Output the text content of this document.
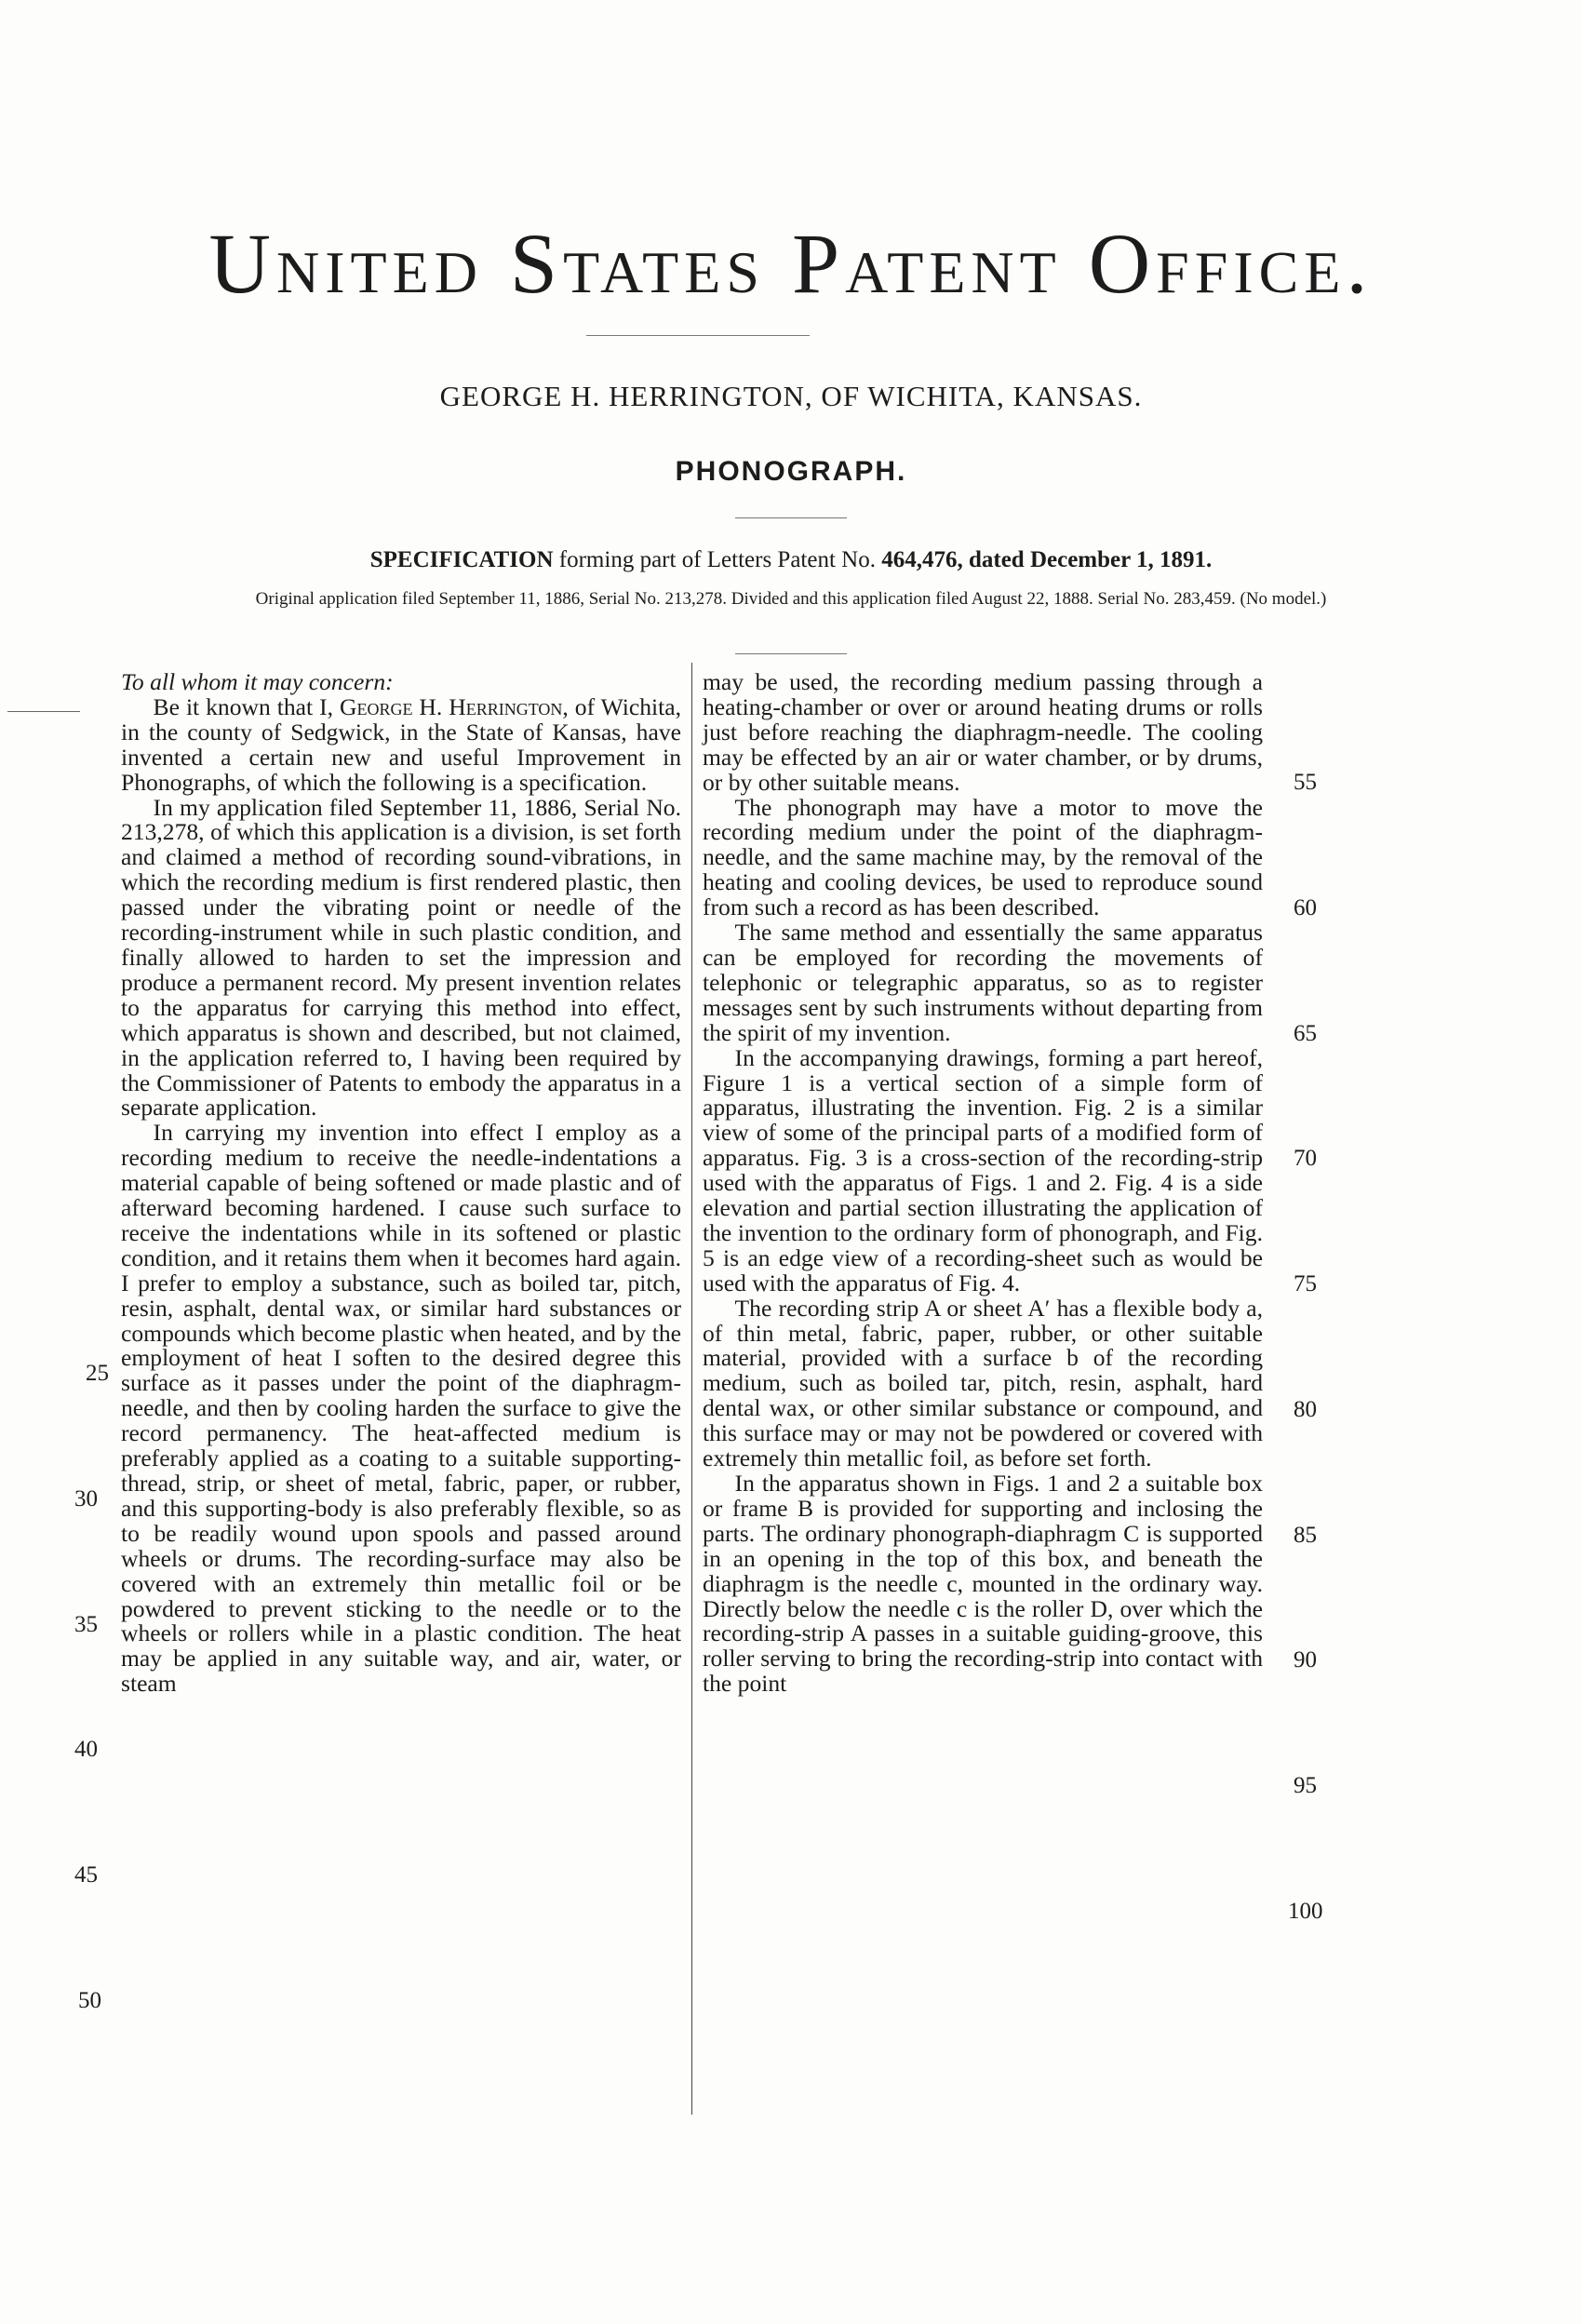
United States Patent Office.
GEORGE H. HERRINGTON, OF WICHITA, KANSAS.
PHONOGRAPH.
SPECIFICATION forming part of Letters Patent No. 464,476, dated December 1, 1891.
Original application filed September 11, 1886, Serial No. 213,278. Divided and this application filed August 22, 1888. Serial No. 283,459. (No model.)

To all whom it may concern:

Be it known that I, George H. Herrington, of Wichita, in the county of Sedgwick, in the State of Kansas, have invented a certain new and useful Improvement in Phonographs, of which the following is a specification.

In my application filed September 11, 1886, Serial No. 213,278, of which this application is a division, is set forth and claimed a method of recording sound-vibrations, in which the recording medium is first rendered plastic, then passed under the vibrating point or needle of the recording-instrument while in such plastic condition, and finally allowed to harden to set the impression and produce a permanent record. My present invention relates to the apparatus for carrying this method into effect, which apparatus is shown and described, but not claimed, in the application referred to, I having been required by the Commissioner of Patents to embody the apparatus in a separate application.

In carrying my invention into effect I employ as a recording medium to receive the needle-indentations a material capable of being softened or made plastic and of afterward becoming hardened. I cause such surface to receive the indentations while in its softened or plastic condition, and it retains them when it becomes hard again. I prefer to employ a substance, such as boiled tar, pitch, resin, asphalt, dental wax, or similar hard substances or compounds which become plastic when heated, and by the employment of heat I soften to the desired degree this surface as it passes under the point of the diaphragm-needle, and then by cooling harden the surface to give the record permanency. The heat-affected medium is preferably applied as a coating to a suitable supporting-thread, strip, or sheet of metal, fabric, paper, or rubber, and this supporting-body is also preferably flexible, so as to be readily wound upon spools and passed around wheels or drums. The recording-surface may also be covered with an extremely thin metallic foil or be powdered to prevent sticking to the needle or to the wheels or rollers while in a plastic condition. The heat may be applied in any suitable way, and air, water, or steam

may be used, the recording medium passing through a heating-chamber or over or around heating drums or rolls just before reaching the diaphragm-needle. The cooling may be effected by an air or water chamber, or by drums, or by other suitable means.

The phonograph may have a motor to move the recording medium under the point of the diaphragm-needle, and the same machine may, by the removal of the heating and cooling devices, be used to reproduce sound from such a record as has been described.

The same method and essentially the same apparatus can be employed for recording the movements of telephonic or telegraphic apparatus, so as to register messages sent by such instruments without departing from the spirit of my invention.

In the accompanying drawings, forming a part hereof, Figure 1 is a vertical section of a simple form of apparatus, illustrating the invention. Fig. 2 is a similar view of some of the principal parts of a modified form of apparatus. Fig. 3 is a cross-section of the recording-strip used with the apparatus of Figs. 1 and 2. Fig. 4 is a side elevation and partial section illustrating the application of the invention to the ordinary form of phonograph, and Fig. 5 is an edge view of a recording-sheet such as would be used with the apparatus of Fig. 4.

The recording strip A or sheet A′ has a flexible body a, of thin metal, fabric, paper, rubber, or other suitable material, provided with a surface b of the recording medium, such as boiled tar, pitch, resin, asphalt, hard dental wax, or other similar substance or compound, and this surface may or may not be powdered or covered with extremely thin metallic foil, as before set forth.

In the apparatus shown in Figs. 1 and 2 a suitable box or frame B is provided for supporting and inclosing the parts. The ordinary phonograph-diaphragm C is supported in an opening in the top of this box, and beneath the diaphragm is the needle c, mounted in the ordinary way. Directly below the needle c is the roller D, over which the recording-strip A passes in a suitable guiding-groove, this roller serving to bring the recording-strip into contact with the point

25
30
35
40
45
50
55
60
65
70
75
80
85
90
95
100
